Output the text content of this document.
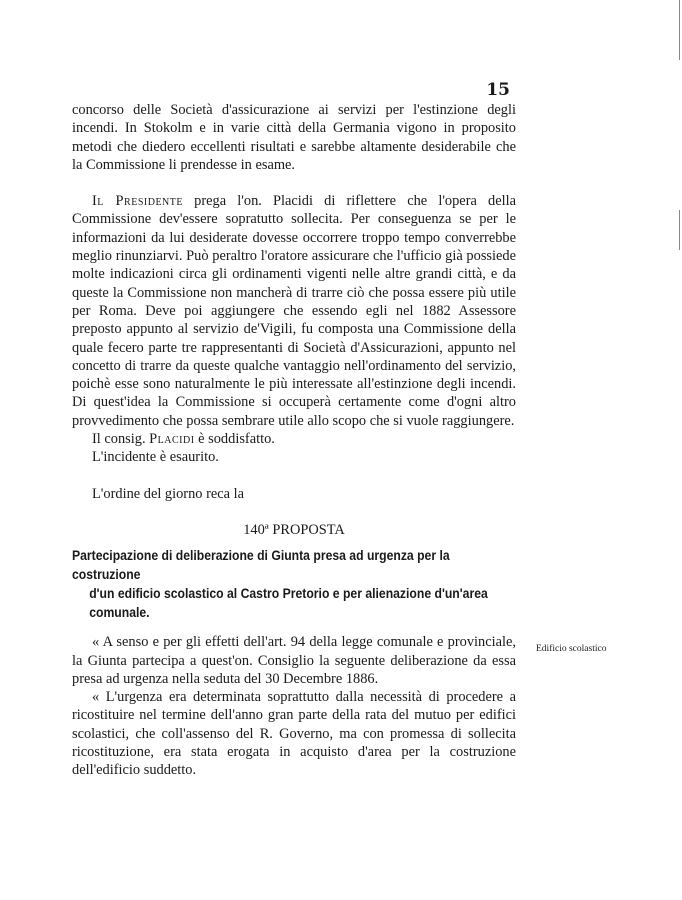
15

concorso delle Società d'assicurazione ai servizi per l'estinzione degli incendi. In Stokolm e in varie città della Germania vigono in proposito metodi che diedero eccellenti risultati e sarebbe altamente desiderabile che la Commissione li prendesse in esame.

Il Presidente prega l'on. Placidi di riflettere che l'opera della Commissione dev'essere sopratutto sollecita. Per conseguenza se per le informazioni da lui desiderate dovesse occorrere troppo tempo converrebbe meglio rinunziarvi. Può peraltro l'oratore assicurare che l'ufficio già possiede molte indicazioni circa gli ordinamenti vigenti nelle altre grandi città, e da queste la Commissione non mancherà di trarre ciò che possa essere più utile per Roma. Deve poi aggiungere che essendo egli nel 1882 Assessore preposto appunto al servizio de'Vigili, fu composta una Commissione della quale fecero parte tre rappresentanti di Società d'Assicurazioni, appunto nel concetto di trarre da queste qualche vantaggio nell'ordinamento del servizio, poichè esse sono naturalmente le più interessate all'estinzione degli incendi. Di quest'idea la Commissione si occuperà certamente come d'ogni altro provvedimento che possa sembrare utile allo scopo che si vuole raggiungere.

Il consig. Placidi è soddisfatto.

L'incidente è esaurito.

L'ordine del giorno reca la

140ª PROPOSTA

Partecipazione di deliberazione di Giunta presa ad urgenza per la costruzione
d'un edificio scolastico al Castro Pretorio e per alienazione d'un'area comunale.

« A senso e per gli effetti dell'art. 94 della legge comunale e provinciale, la Giunta partecipa a quest'on. Consiglio la seguente deliberazione da essa presa ad urgenza nella seduta del 30 Decembre 1886.

« L'urgenza era determinata soprattutto dalla necessità di procedere a ricostituire nel termine dell'anno gran parte della rata del mutuo per edifici scolastici, che coll'assenso del R. Governo, ma con promessa di sollecita ricostituzione, era stata erogata in acquisto d'area per la costruzione dell'edificio suddetto.

Edificio scolastico
